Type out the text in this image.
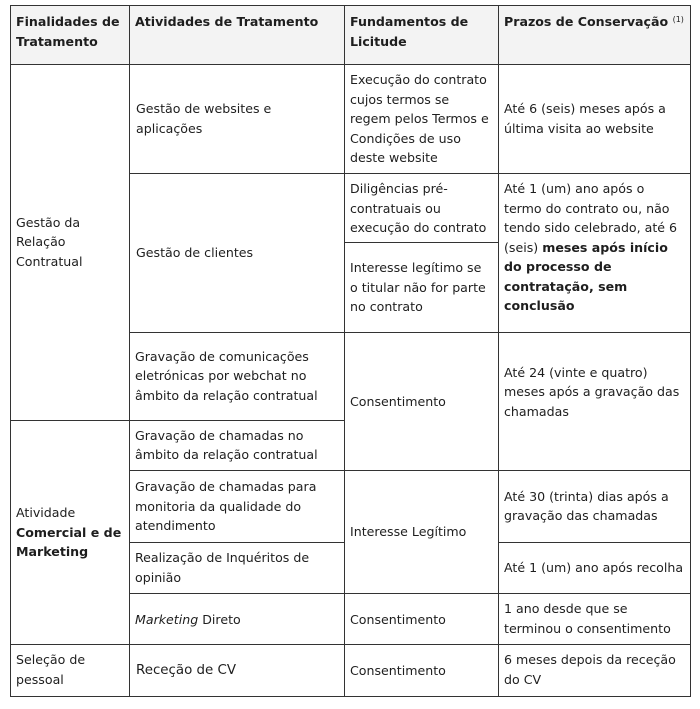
Finalidades de Tratamento	Atividades de Tratamento	Fundamentos de Licitude	Prazos de Conservação $^{(1)}$
Gestão da Relação Contratual	Gestão de websites e aplicações	Execução do contrato cujos termos se regem pelos Termos e Condições de uso deste website	Até 6 (seis) meses após a última visita ao website
	Gestão de clientes	Diligências pré-contratuais ou execução do contrato	Até 1 (um) ano após o termo do contrato ou, não tendo sido celebrado, até 6 (seis) meses após início do processo de contratação, sem conclusão
		Interesse legítimo se o titular não for parte no contrato	
	Gravação de comunicações eletrónicas por webchat no âmbito da relação contratual	Consentimento	Até 24 (vinte e quatro) meses após a gravação das chamadas
Atividade Comercial e de Marketing	Gravação de chamadas no âmbito da relação contratual		
	Gravação de chamadas para monitoria da qualidade do atendimento	Interesse Legítimo	Até 30 (trinta) dias após a gravação das chamadas
	Realização de Inquéritos de opinião		Até 1 (um) ano após recolha
	Marketing Direto	Consentimento	1 ano desde que se terminou o consentimento
Seleção de pessoal	Receção de CV	Consentimento	6 meses depois da receção do CV
